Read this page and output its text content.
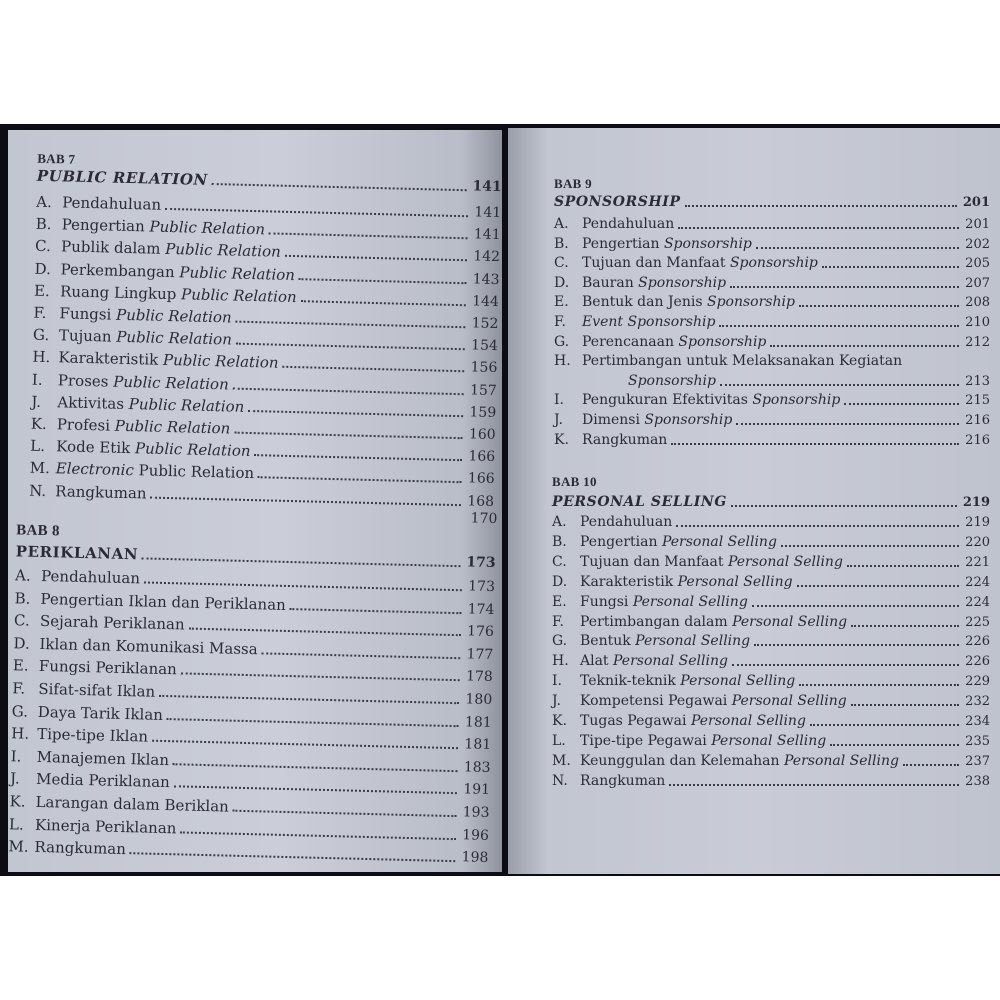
BAB 7
PUBLIC RELATION	141
A. Pendahuluan	141
B. Pengertian Public Relation	141
C. Publik dalam Public Relation	142
D. Perkembangan Public Relation	143
E. Ruang Lingkup Public Relation	144
F. Fungsi Public Relation	152
G. Tujuan Public Relation	154
H. Karakteristik Public Relation	156
I. Proses Public Relation	157
J.	Aktivitas Public Relation	159
K. Profesi Public Relation	160
L. Kode Etik Public Relation	166
M. Electronic Public Relation	166
N. Rangkuman	168
170
BAB 8
PERIKLANAN	173
A. Pendahuluan	173
B. Pengertian Iklan dan Periklanan	174
C. Sejarah Periklanan	176
D. Iklan dan Komunikasi Massa	177
E. Fungsi Periklanan	178
F. Sifat-sifat Iklan	180
G. Daya Tarik Iklan	181
H. Tipe-tipe Iklan	181
I. Manajemen Iklan	183
J.	Media Periklanan	191
K. Larangan dalam Beriklan	193
L. Kinerja Periklanan	196
M. Rangkuman	198
BAB 9
SPONSORSHIP	201
A. Pendahuluan	201
B. Pengertian Sponsorship	202
C. Tujuan dan Manfaat Sponsorship	205
D. Bauran Sponsorship	207
E. Bentuk dan Jenis Sponsorship	208
F.	Event Sponsorship	210
G. Perencanaan Sponsorship	212
H. Pertimbangan untuk Melaksanakan Kegiatan
Sponsorship	213
I.	Pengukuran Efektivitas Sponsorship	215
J.	Dimensi Sponsorship	216
K. Rangkuman	216
BAB 10
PERSONAL SELLING	219
A. Pendahuluan	219
B. Pengertian Personal Selling	220
C. Tujuan dan Manfaat Personal Selling	221
D. Karakteristik Personal Selling	224
E. Fungsi Personal Selling	224
F.	Pertimbangan dalam Personal Selling	225
G. Bentuk Personal Selling	226
H. Alat Personal Selling	226
I.	Teknik-teknik Personal Selling	229
J.	Kompetensi Pegawai Personal Selling	232
K. Tugas Pegawai Personal Selling	234
L.	Tipe-tipe Pegawai Personal Selling	235
M. Keunggulan dan Kelemahan Personal Selling	237
N. Rangkuman	238
